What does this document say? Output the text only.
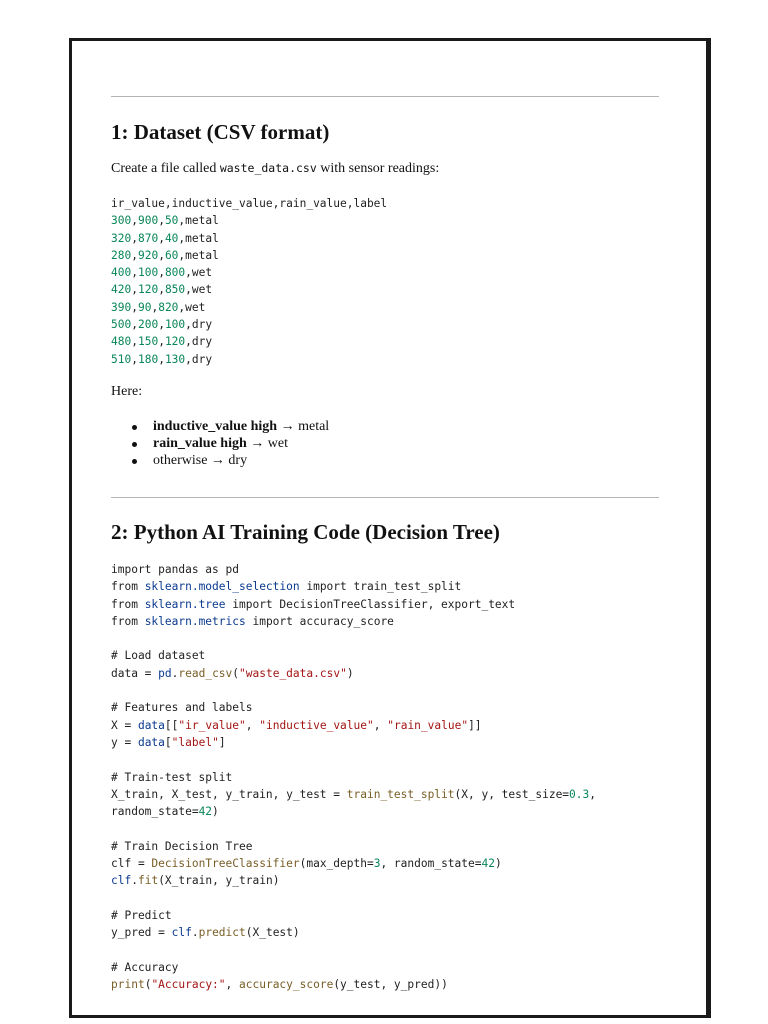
1: Dataset (CSV format)

Create a file called waste_data.csv with sensor readings:

ir_value,inductive_value,rain_value,label
300,900,50,metal
320,870,40,metal
280,920,60,metal
400,100,800,wet
420,120,850,wet
390,90,820,wet
500,200,100,dry
480,150,120,dry
510,180,130,dry

Here:

inductive_value high → metal
rain_value high → wet
otherwise → dry
2: Python AI Training Code (Decision Tree)
import pandas as pd
from sklearn.model_selection import train_test_split
from sklearn.tree import DecisionTreeClassifier, export_text
from sklearn.metrics import accuracy_score
# Load dataset
data = pd.read_csv("waste_data.csv")
# Features and labels
X = data[["ir_value", "inductive_value", "rain_value"]]
y = data["label"]
# Train-test split
X_train, X_test, y_train, y_test = train_test_split(X, y, test_size=0.3,
random_state=42)
# Train Decision Tree
clf = DecisionTreeClassifier(max_depth=3, random_state=42)
clf.fit(X_train, y_train)
# Predict
y_pred = clf.predict(X_test)
# Accuracy
print("Accuracy:", accuracy_score(y_test, y_pred))
